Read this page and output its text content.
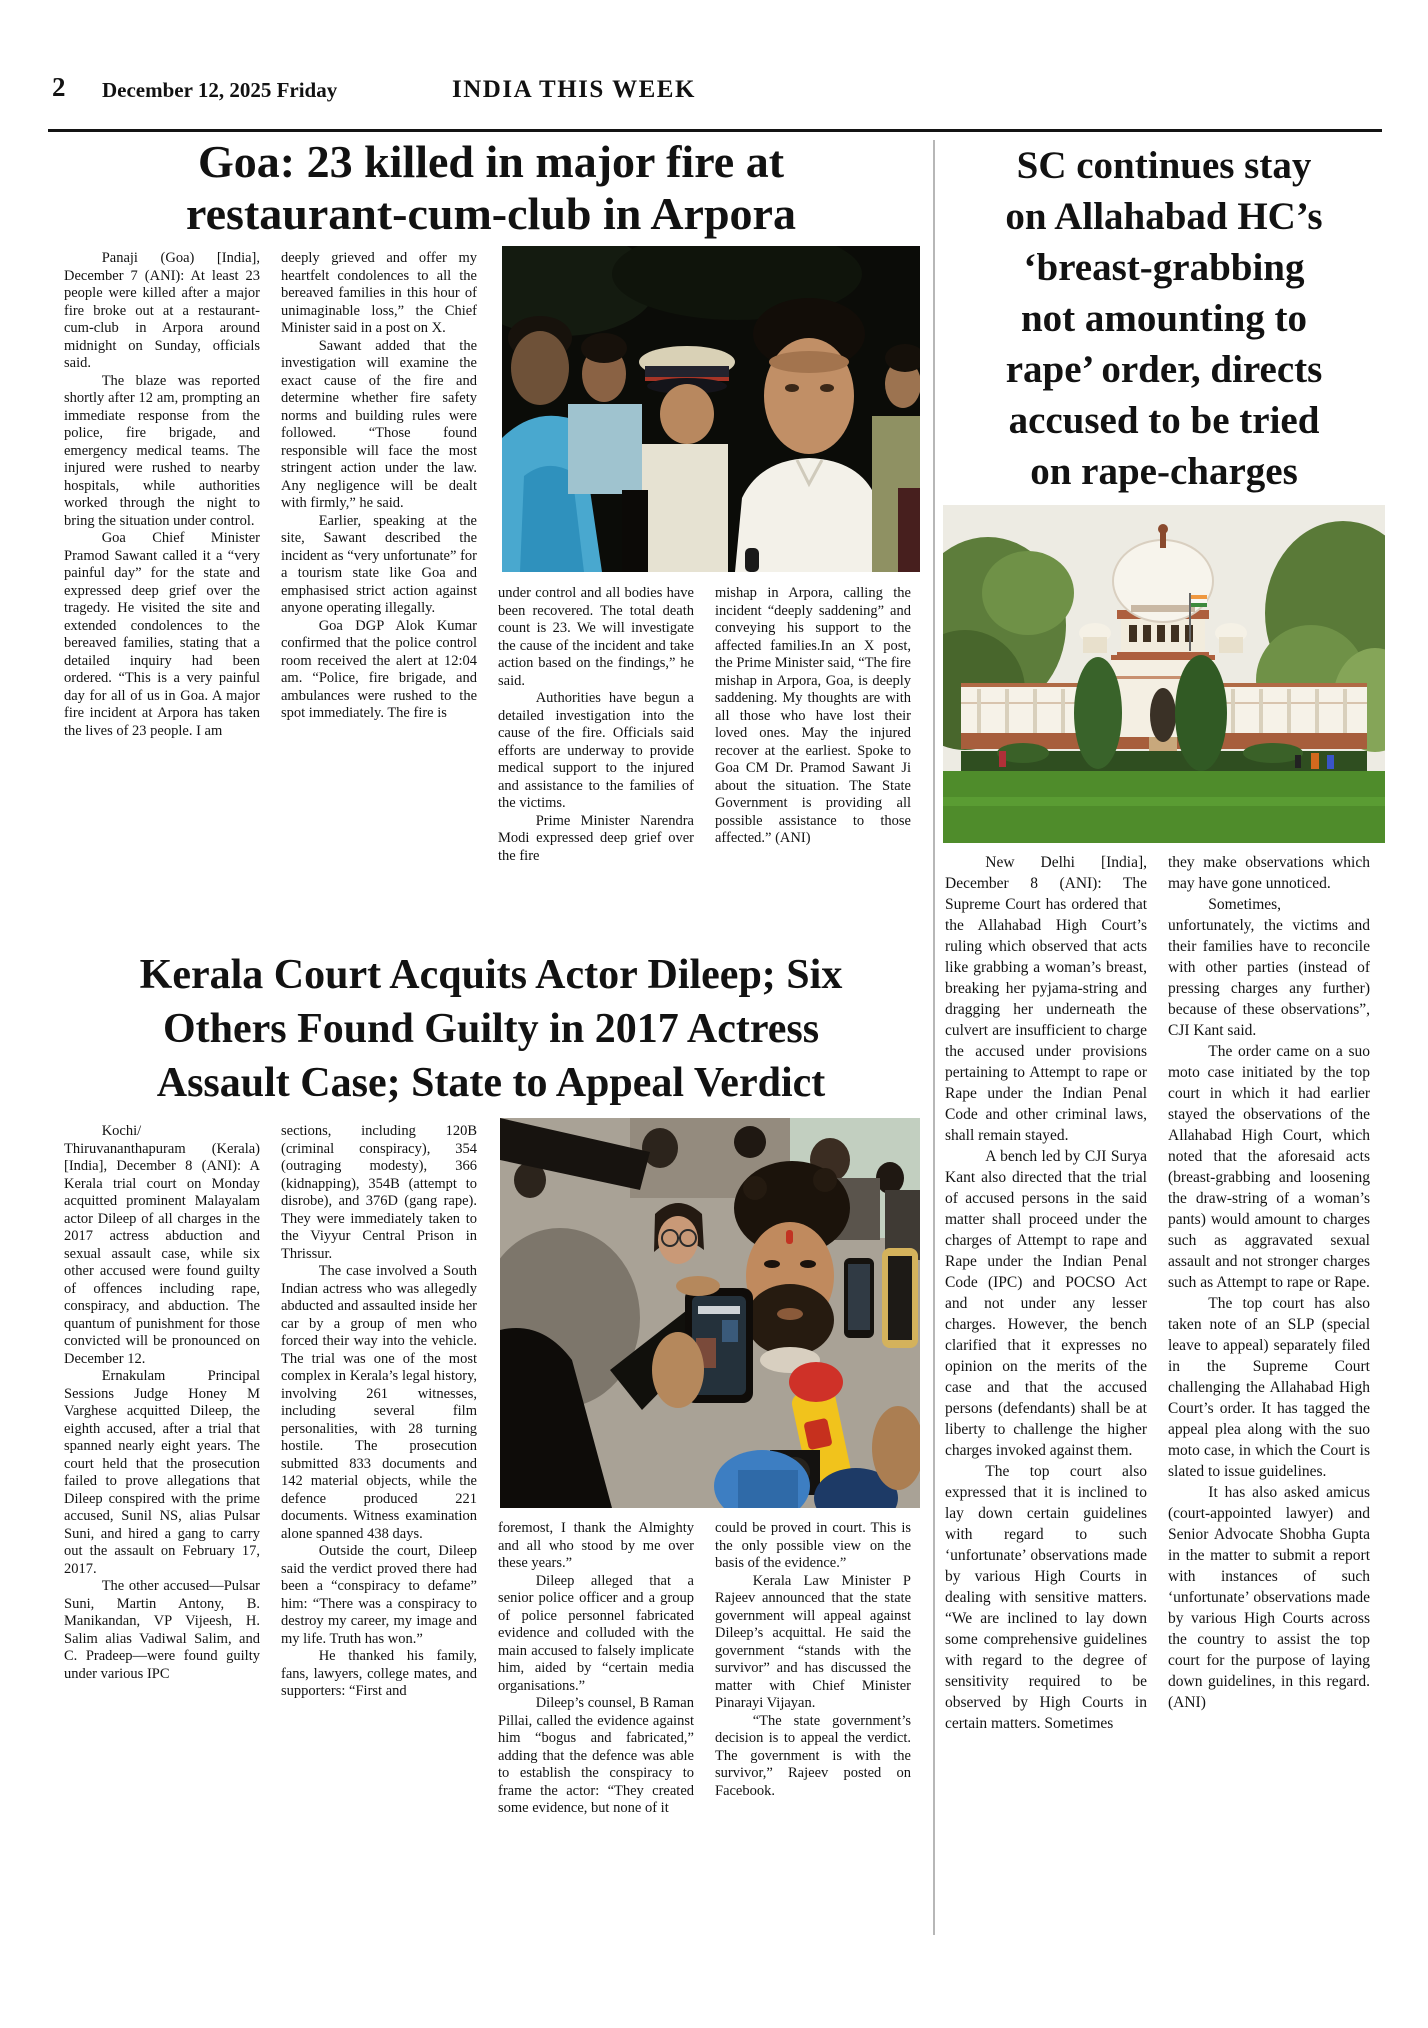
2 December 12, 2025 Friday	INDIA THIS WEEK

Goa: 23 killed in major fire at

restaurant-cum-club in Arpora

Panaji (Goa) [India], December 7 (ANI): At least 23 people were killed after a major fire broke out at a restaurant-cum-club in Arpora around midnight on Sunday, officials said.

The blaze was reported shortly after 12 am, prompting an immediate response from the police, fire brigade, and emergency medical teams. The injured were rushed to nearby hospitals, while authorities worked through the night to bring the situation under control.

Goa Chief Minister Pramod Sawant called it a “very painful day” for the state and expressed deep grief over the tragedy. He visited the site and extended condolences to the bereaved families, stating that a detailed inquiry had been ordered. “This is a very painful day for all of us in Goa. A major fire incident at Arpora has taken the lives of 23 people. I am

deeply grieved and offer my heartfelt condolences to all the bereaved families in this hour of unimaginable loss,” the Chief Minister said in a post on X.

Sawant added that the investigation will examine the exact cause of the fire and determine whether fire safety norms and building rules were followed. “Those found responsible will face the most stringent action under the law. Any negligence will be dealt with firmly,” he said.

Earlier, speaking at the site, Sawant described the incident as “very unfortunate” for a tourism state like Goa and emphasised strict action against anyone operating illegally.

Goa DGP Alok Kumar confirmed that the police control room received the alert at 12:04 am. “Police, fire brigade, and ambulances were rushed to the spot immediately. The fire is

under control and all bodies have been recovered. The total death count is 23. We will investigate the cause of the incident and take action based on the findings,” he said.

Authorities have begun a detailed investigation into the cause of the fire. Officials said efforts are underway to provide medical support to the injured and assistance to the families of the victims.

Prime Minister Narendra Modi expressed deep grief over the fire

mishap in Arpora, calling the incident “deeply saddening” and conveying his support to the affected families.In an X post, the Prime Minister said, “The fire mishap in Arpora, Goa, is deeply saddening. My thoughts are with all those who have lost their loved ones. May the injured recover at the earliest. Spoke to Goa CM Dr. Pramod Sawant Ji about the situation. The State Government is providing all possible assistance to those affected.” (ANI)

SC continues stay

on Allahabad HC’s

‘breast-grabbing

not amounting to

rape’ order, directs

accused to be tried

on rape-charges

New Delhi [India], December 8 (ANI): The Supreme Court has ordered that the Allahabad High Court’s ruling which observed that acts like grabbing a woman’s breast, breaking her pyjama-string and dragging her underneath the culvert are insufficient to charge the accused under provisions pertaining to Attempt to rape or Rape under the Indian Penal Code and other criminal laws, shall remain stayed.

A bench led by CJI Surya Kant also directed that the trial of accused persons in the said matter shall proceed under the charges of Attempt to rape and Rape under the Indian Penal Code (IPC) and POCSO Act and not under any lesser charges. However, the bench clarified that it expresses no opinion on the merits of the case and that the accused persons (defendants) shall be at liberty to challenge the higher charges invoked against them.

The top court also expressed that it is inclined to lay down certain guidelines with regard to such ‘unfortunate’ observations made by various High Courts in dealing with sensitive matters. “We are inclined to lay down some comprehensive guidelines with regard to the degree of sensitivity required to be observed by High Courts in certain matters. Sometimes

they make observations which may have gone unnoticed.

Sometimes, unfortunately, the victims and their families have to reconcile with other parties (instead of pressing charges any further) because of these observations”, CJI Kant said.

The order came on a suo moto case initiated by the top court in which it had earlier stayed the observations of the Allahabad High Court, which noted that the aforesaid acts (breast-grabbing and loosening the draw-string of a woman’s pants) would amount to charges such as aggravated sexual assault and not stronger charges such as Attempt to rape or Rape.

The top court has also taken note of an SLP (special leave to appeal) separately filed in the Supreme Court challenging the Allahabad High Court’s order. It has tagged the appeal plea along with the suo moto case, in which the Court is slated to issue guidelines.

It has also asked amicus (court-appointed lawyer) and Senior Advocate Shobha Gupta in the matter to submit a report with instances of such ‘unfortunate’ observations made by various High Courts across the country to assist the top court for the purpose of laying down guidelines, in this regard. (ANI)

Kerala Court Acquits Actor Dileep; Six

Others Found Guilty in 2017 Actress

Assault Case; State to Appeal Verdict

Kochi/ Thiruvananthapuram (Kerala) [India], December 8 (ANI): A Kerala trial court on Monday acquitted prominent Malayalam actor Dileep of all charges in the 2017 actress abduction and sexual assault case, while six other accused were found guilty of offences including rape, conspiracy, and abduction. The quantum of punishment for those convicted will be pronounced on December 12.

Ernakulam Principal Sessions Judge Honey M Varghese acquitted Dileep, the eighth accused, after a trial that spanned nearly eight years. The court held that the prosecution failed to prove allegations that Dileep conspired with the prime accused, Sunil NS, alias Pulsar Suni, and hired a gang to carry out the assault on February 17, 2017.

The other accused—Pulsar Suni, Martin Antony, B. Manikandan, VP Vijeesh, H. Salim alias Vadiwal Salim, and C. Pradeep—were found guilty under various IPC

sections, including 120B (criminal conspiracy), 354 (outraging modesty), 366 (kidnapping), 354B (attempt to disrobe), and 376D (gang rape). They were immediately taken to the Viyyur Central Prison in Thrissur.

The case involved a South Indian actress who was allegedly abducted and assaulted inside her car by a group of men who forced their way into the vehicle. The trial was one of the most complex in Kerala’s legal history, involving 261 witnesses, including several film personalities, with 28 turning hostile. The prosecution submitted 833 documents and 142 material objects, while the defence produced 221 documents. Witness examination alone spanned 438 days.

Outside the court, Dileep said the verdict proved there had been a “conspiracy to defame” him: “There was a conspiracy to destroy my career, my image and my life. Truth has won.”

He thanked his family, fans, lawyers, college mates, and supporters: “First and

foremost, I thank the Almighty and all who stood by me over these years.”

Dileep alleged that a senior police officer and a group of police personnel fabricated evidence and colluded with the main accused to falsely implicate him, aided by “certain media organisations.”

Dileep’s counsel, B Raman Pillai, called the evidence against him “bogus and fabricated,” adding that the defence was able to establish the conspiracy to frame the actor: “They created some evidence, but none of it

could be proved in court. This is the only possible view on the basis of the evidence.”

Kerala Law Minister P Rajeev announced that the state government will appeal against Dileep’s acquittal. He said the government “stands with the survivor” and has discussed the matter with Chief Minister Pinarayi Vijayan.

“The state government’s decision is to appeal the verdict. The government is with the survivor,” Rajeev posted on Facebook.
